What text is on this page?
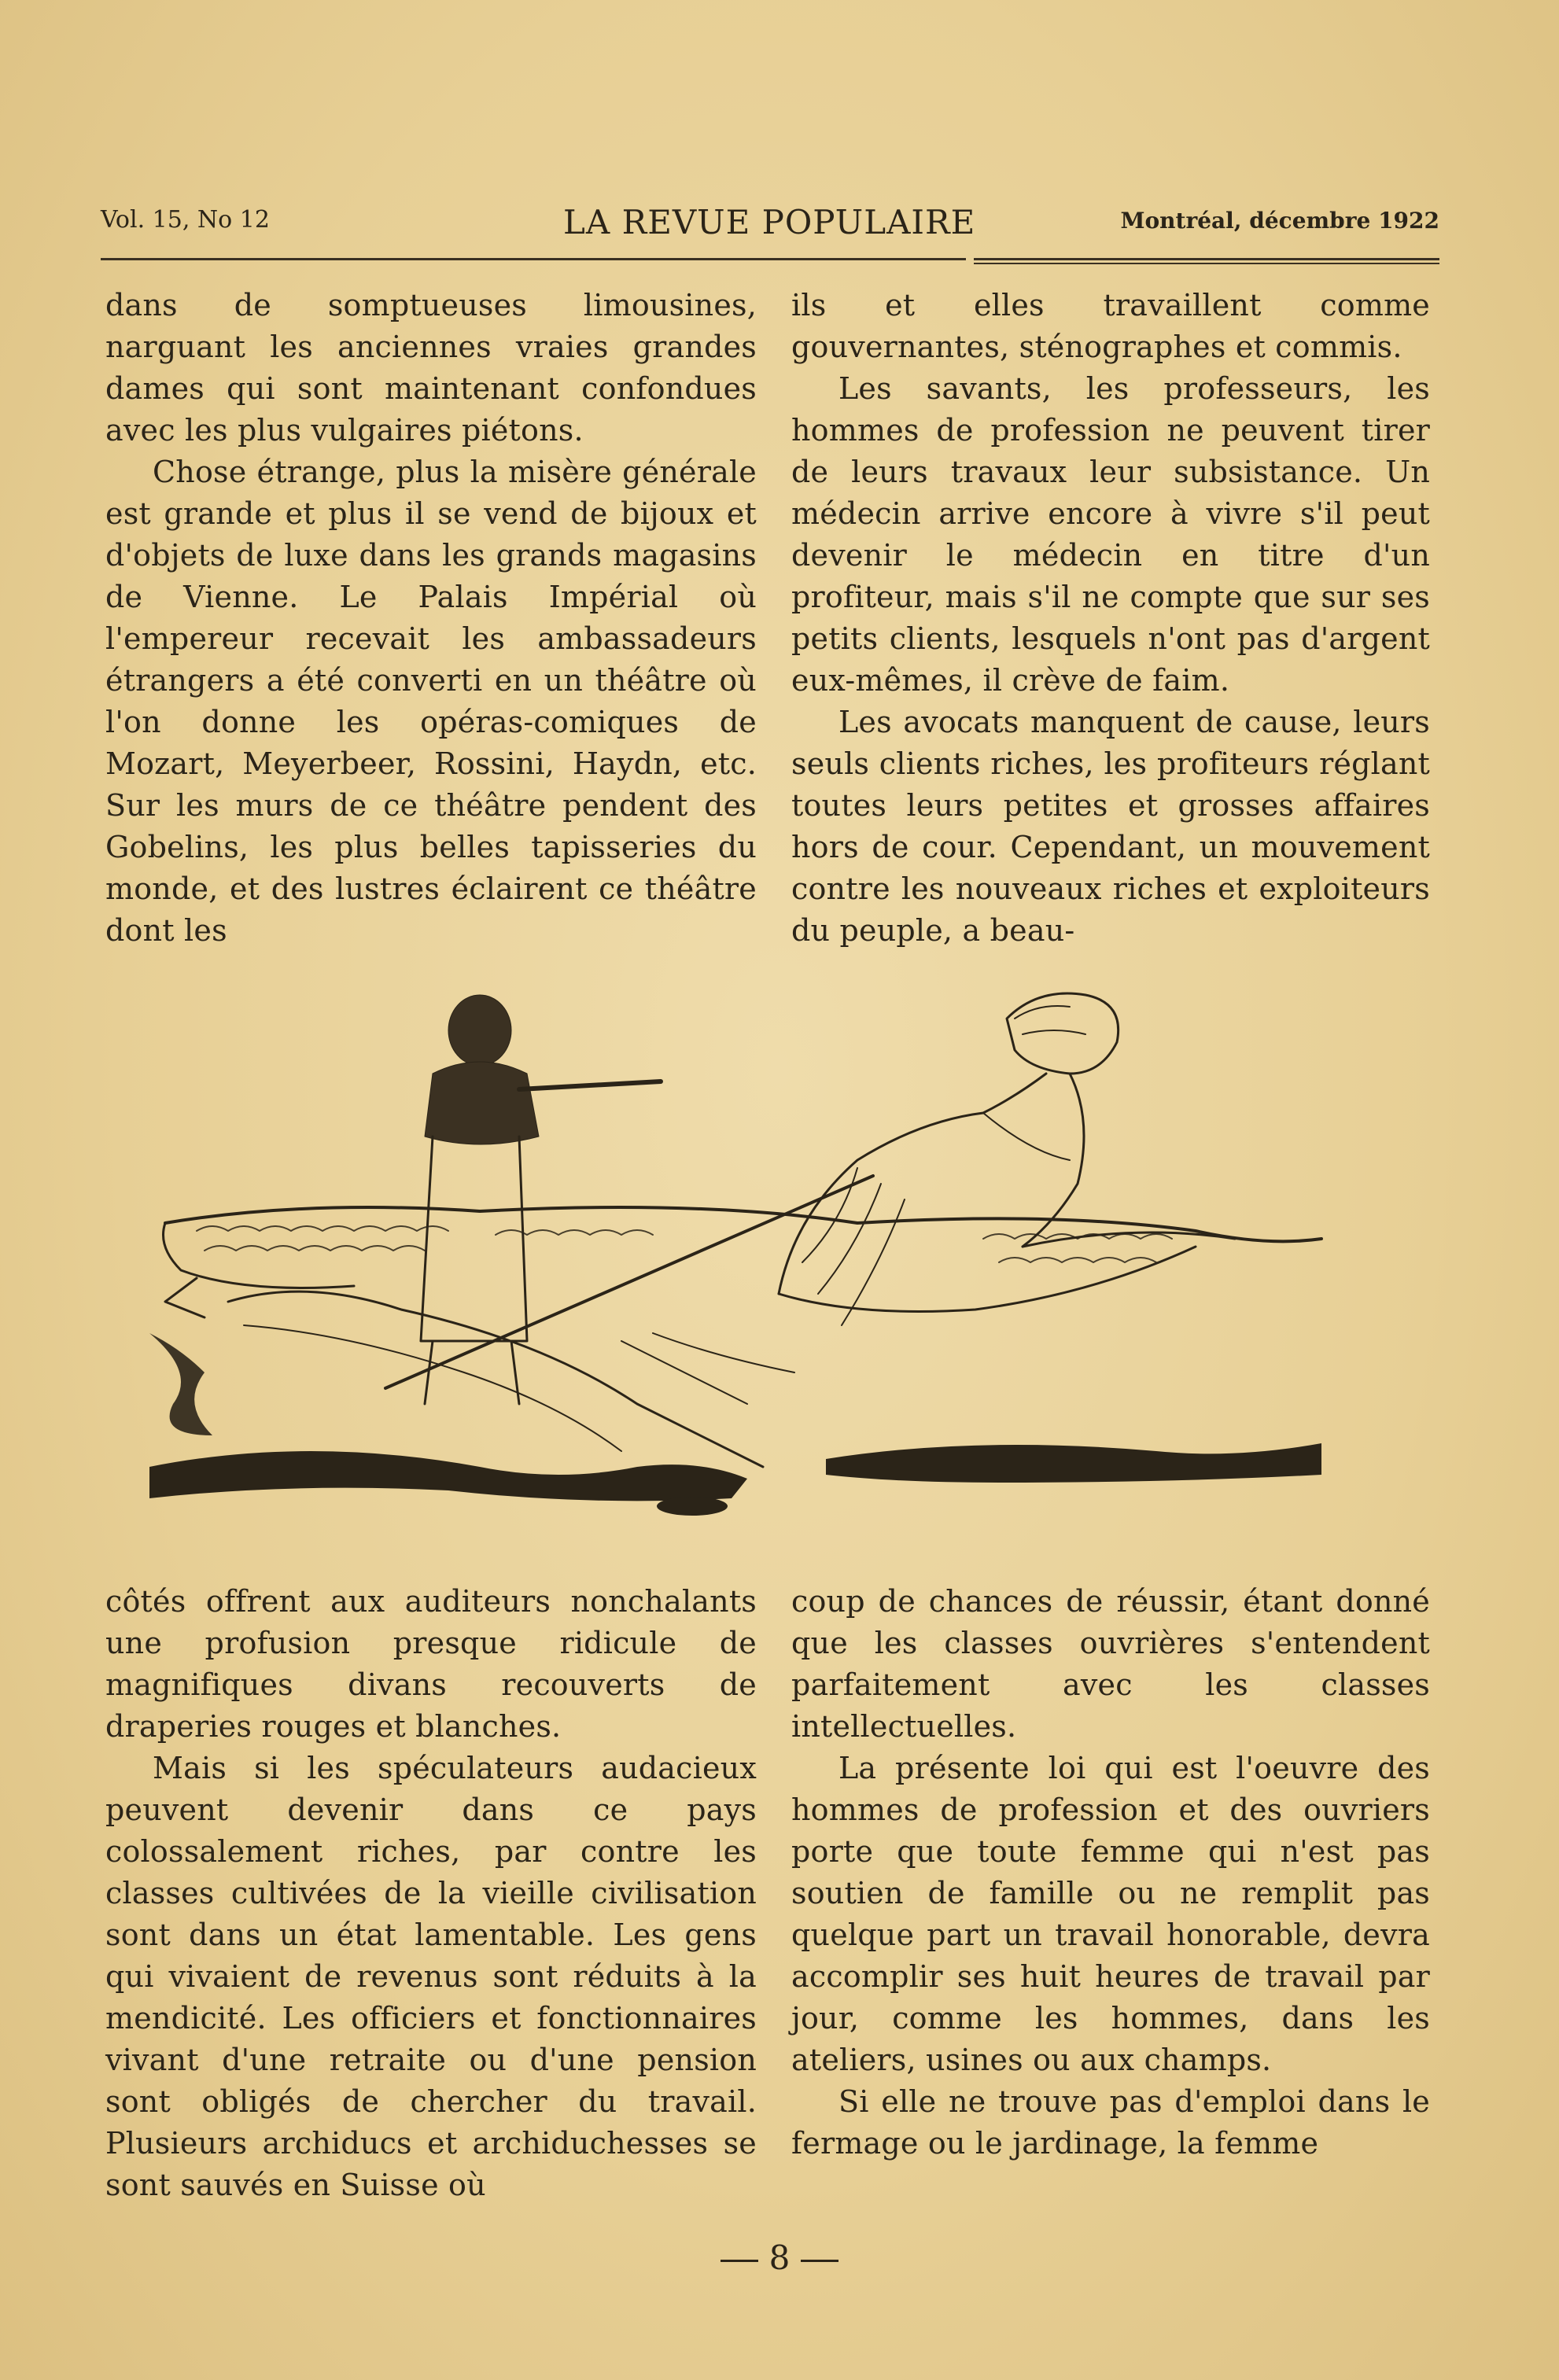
Vol. 15, No 12	LA REVUE POPULAIRE	Montréal, décembre 1922

dans de somptueuses limousines, narguant les anciennes vraies grandes dames qui sont maintenant confondues avec les plus vulgaires piétons.

Chose étrange, plus la misère générale est grande et plus il se vend de bijoux et d'objets de luxe dans les grands magasins de Vienne. Le Palais Impérial où l'empereur recevait les ambassadeurs étrangers a été converti en un théâtre où l'on donne les opéras-comiques de Mozart, Meyerbeer, Rossini, Haydn, etc. Sur les murs de ce théâtre pendent des Gobelins, les plus belles tapisseries du monde, et des lustres éclairent ce théâtre dont les

ils et elles travaillent comme gouvernantes, sténographes et commis.

Les savants, les professeurs, les hommes de profession ne peuvent tirer de leurs travaux leur subsistance. Un médecin arrive encore à vivre s'il peut devenir le médecin en titre d'un profiteur, mais s'il ne compte que sur ses petits clients, lesquels n'ont pas d'argent eux-mêmes, il crève de faim.

Les avocats manquent de cause, leurs seuls clients riches, les profiteurs réglant toutes leurs petites et grosses affaires hors de cour. Cependant, un mouvement contre les nouveaux riches et exploiteurs du peuple, a beau-

côtés offrent aux auditeurs nonchalants une profusion presque ridicule de magnifiques divans recouverts de draperies rouges et blanches.

Mais si les spéculateurs audacieux peuvent devenir dans ce pays colossalement riches, par contre les classes cultivées de la vieille civilisation sont dans un état lamentable. Les gens qui vivaient de revenus sont réduits à la mendicité. Les officiers et fonctionnaires vivant d'une retraite ou d'une pension sont obligés de chercher du travail. Plusieurs archiducs et archiduchesses se sont sauvés en Suisse où

coup de chances de réussir, étant donné que les classes ouvrières s'entendent parfaitement avec les classes intellectuelles.

La présente loi qui est l'oeuvre des hommes de profession et des ouvriers porte que toute femme qui n'est pas soutien de famille ou ne remplit pas quelque part un travail honorable, devra accomplir ses huit heures de travail par jour, comme les hommes, dans les ateliers, usines ou aux champs.

Si elle ne trouve pas d'emploi dans le fermage ou le jardinage, la femme

8
